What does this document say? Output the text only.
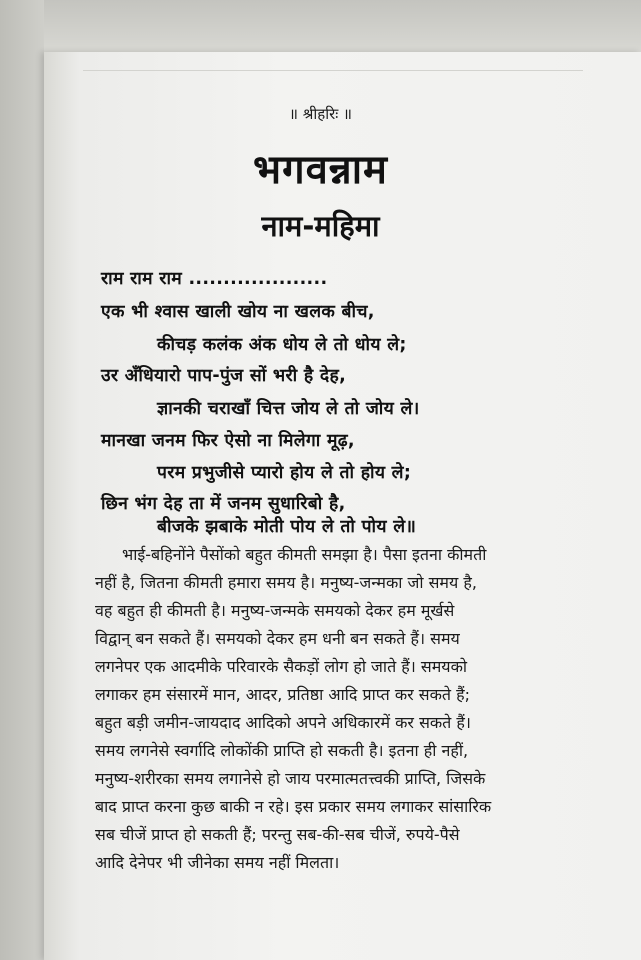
॥ श्रीहरिः ॥
भगवन्नाम
नाम-महिमा
राम राम राम ....................
एक भी श्वास खाली खोय ना खलक बीच,
कीचड़ कलंक अंक धोय ले तो धोय ले;
उर अँधियारो पाप-पुंज सों भरी है देह,
ज्ञानकी चराखाँ चित्त जोय ले तो जोय ले।
मानखा जनम फिर ऐसो ना मिलेगा मूढ़,
परम प्रभुजीसे प्यारो होय ले तो होय ले;
छिन भंग देह ता में जनम सुधारिबो है,
बीजके झबाके मोती पोय ले तो पोय ले॥
भाई-बहिनोंने पैसोंको बहुत कीमती समझा है। पैसा इतना कीमती
नहीं है, जितना कीमती हमारा समय है। मनुष्य-जन्मका जो समय है,
वह बहुत ही कीमती है। मनुष्य-जन्मके समयको देकर हम मूर्खसे
विद्वान् बन सकते हैं। समयको देकर हम धनी बन सकते हैं। समय
लगनेपर एक आदमीके परिवारके सैकड़ों लोग हो जाते हैं। समयको
लगाकर हम संसारमें मान, आदर, प्रतिष्ठा आदि प्राप्त कर सकते हैं;
बहुत बड़ी जमीन-जायदाद आदिको अपने अधिकारमें कर सकते हैं।
समय लगनेसे स्वर्गादि लोकोंकी प्राप्ति हो सकती है। इतना ही नहीं,
मनुष्य-शरीरका समय लगानेसे हो जाय परमात्मतत्त्वकी प्राप्ति, जिसके
बाद प्राप्त करना कुछ बाकी न रहे। इस प्रकार समय लगाकर सांसारिक
सब चीजें प्राप्त हो सकती हैं; परन्तु सब-की-सब चीजें, रुपये-पैसे
आदि देनेपर भी जीनेका समय नहीं मिलता।
